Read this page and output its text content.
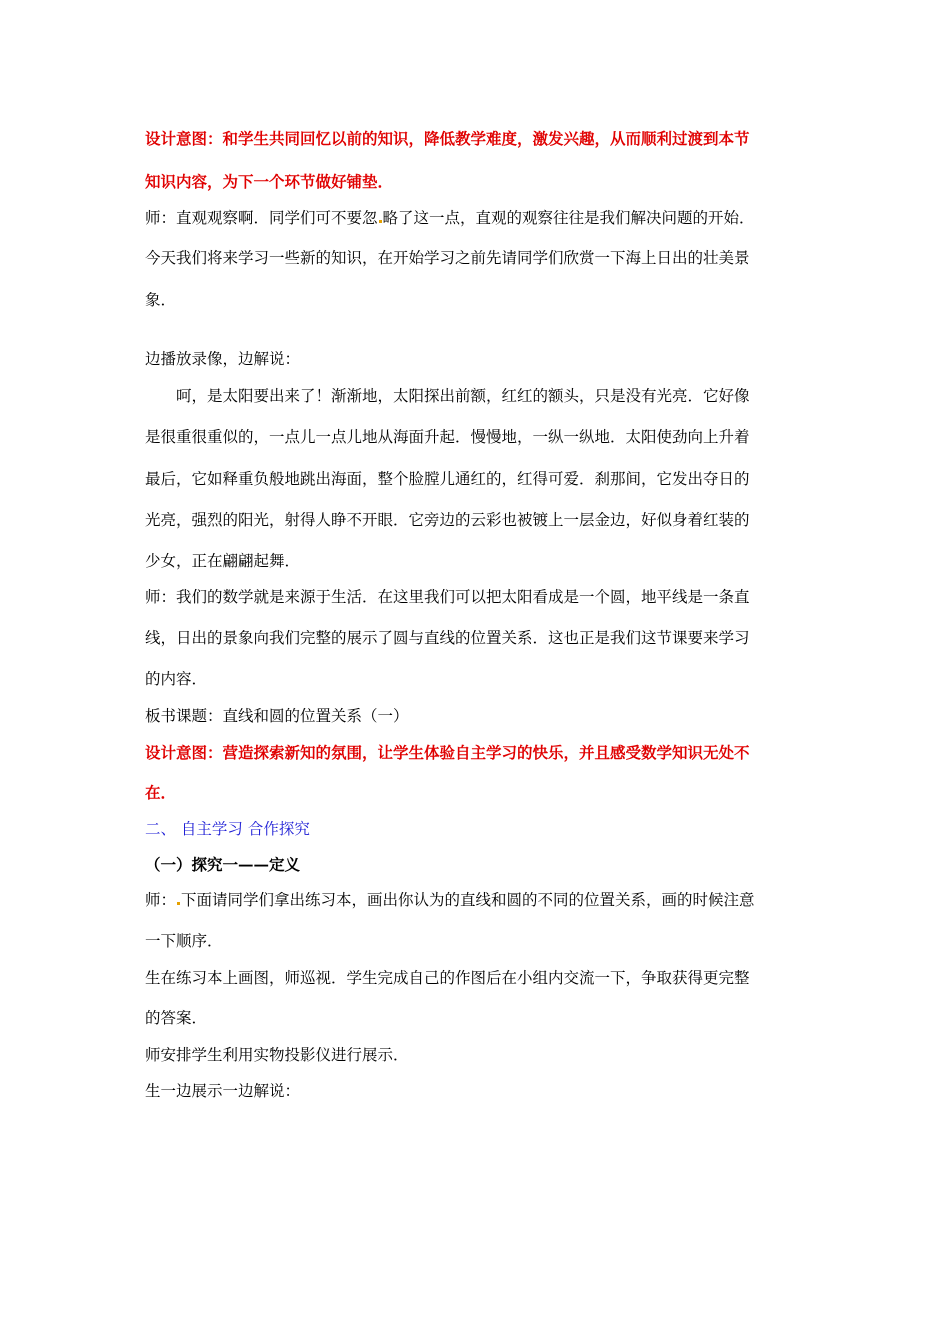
设计意图：和学生共同回忆以前的知识，降低教学难度，激发兴趣，从而顺利过渡到本节

知识内容，为下一个环节做好铺垫．

师：直观观察啊．同学们可不要忽 略了这一点，直观的观察往往是我们解决问题的开始．

今天我们将来学习一些新的知识，在开始学习之前先请同学们欣赏一下海上日出的壮美景

象．

边播放录像，边解说：

呵，是太阳要出来了！渐渐地，太阳探出前额，红红的额头，只是没有光亮．它好像

是很重很重似的，一点儿一点儿地从海面升起．慢慢地，一纵一纵地．太阳使劲向上升着

最后，它如释重负般地跳出海面，整个脸膛儿通红的，红得可爱．刹那间，它发出夺日的

光亮，强烈的阳光，射得人睁不开眼．它旁边的云彩也被镀上一层金边，好似身着红装的

少女，正在翩翩起舞．

师：我们的数学就是来源于生活．在这里我们可以把太阳看成是一个圆，地平线是一条直

线，日出的景象向我们完整的展示了圆与直线的位置关系．这也正是我们这节课要来学习

的内容．

板书课题：直线和圆的位置关系（一）

设计意图：营造探索新知的氛围，让学生体验自主学习的快乐，并且感受数学知识无处不

在．

二、 自主学习 合作探究

（一）探究一——定义

师： 下面请同学们拿出练习本，画出你认为的直线和圆的不同的位置关系，画的时候注意

一下顺序．

生在练习本上画图，师巡视．学生完成自己的作图后在小组内交流一下，争取获得更完整

的答案．

师安排学生利用实物投影仪进行展示．

生一边展示一边解说：
